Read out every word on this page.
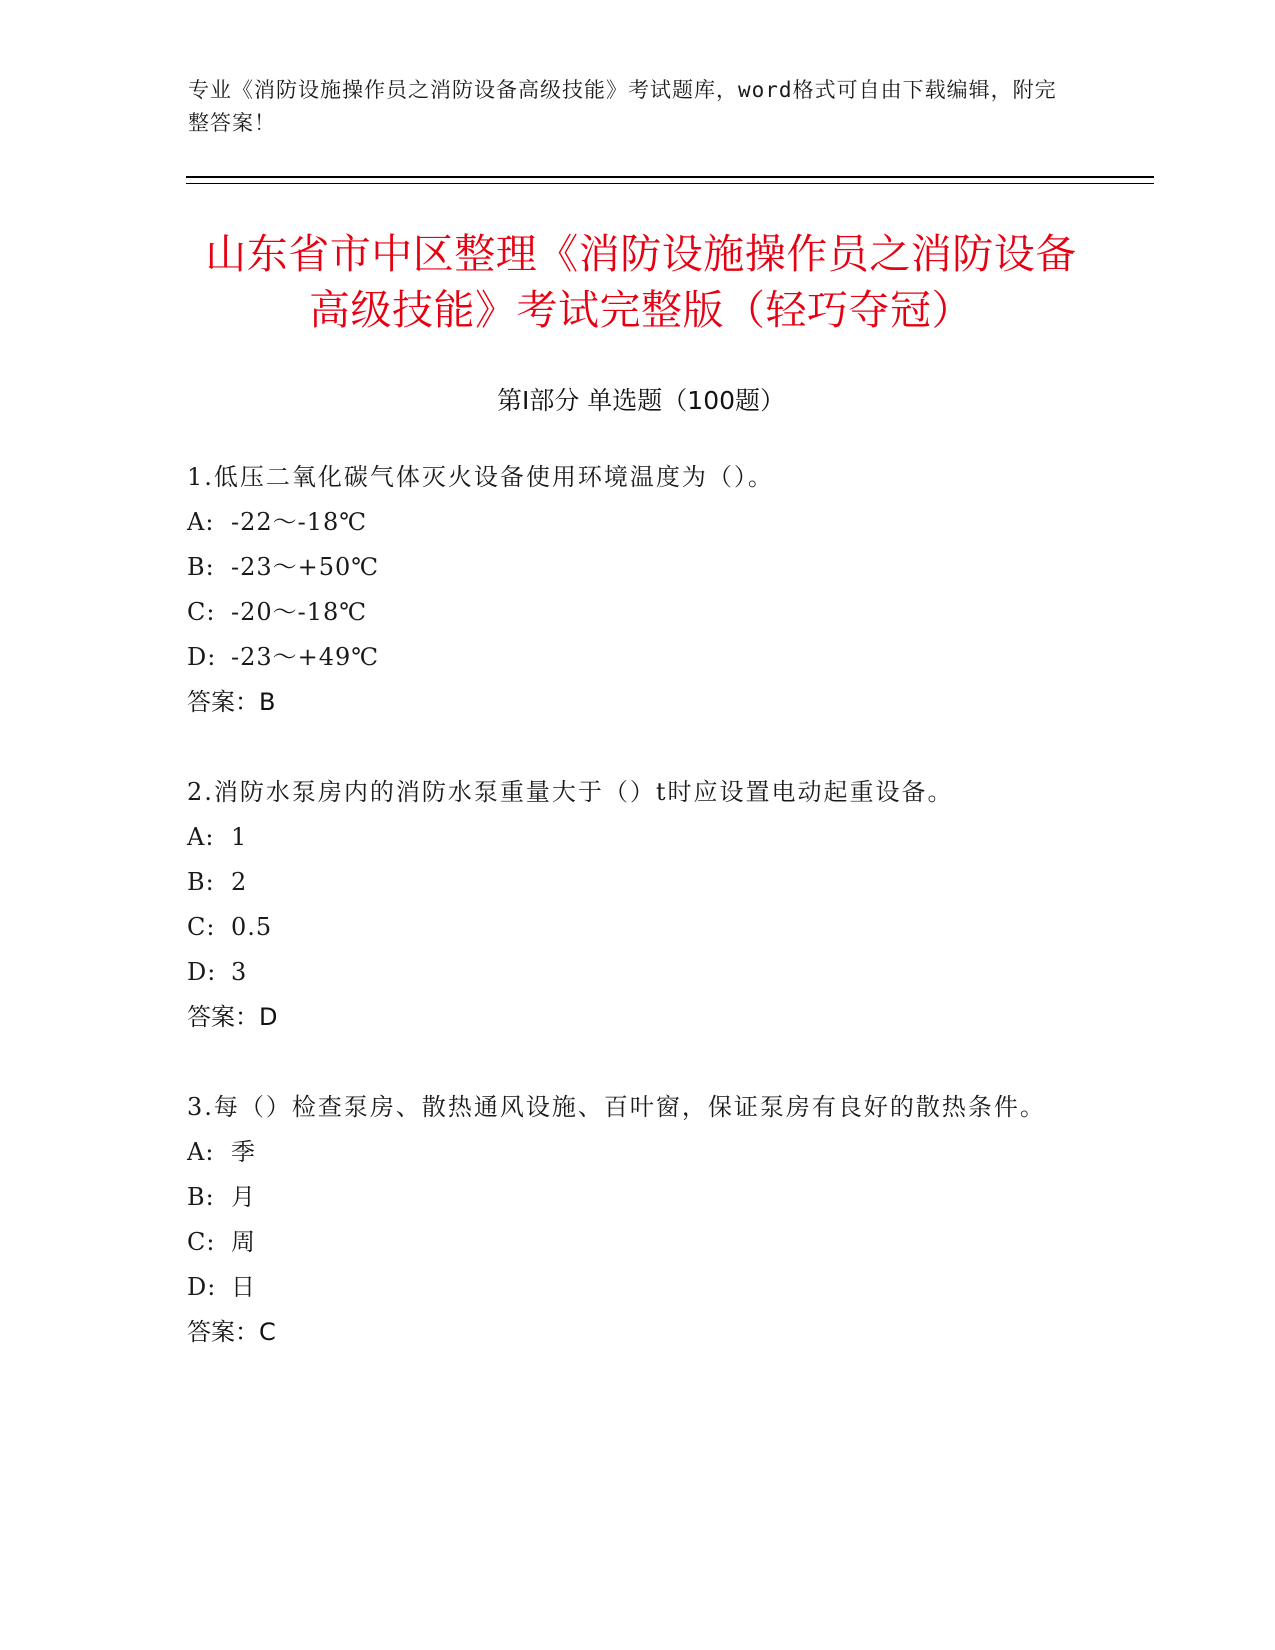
专业《消防设施操作员之消防设备高级技能》考试题库，word格式可自由下载编辑，附完整答案！
山东省市中区整理《消防设施操作员之消防设备高级技能》考试完整版（轻巧夺冠）
第Ⅰ部分 单选题（100题）

1.低压二氧化碳气体灭火设备使用环境温度为（）。

A: -22～-18℃

B: -23～+50℃

C: -20～-18℃

D: -23～+49℃

答案：B

2.消防水泵房内的消防水泵重量大于（）t时应设置电动起重设备。

A: 1

B: 2

C: 0.5

D: 3

答案：D

3.每（）检查泵房、散热通风设施、百叶窗，保证泵房有良好的散热条件。

A: 季

B: 月

C: 周

D: 日

答案：C
